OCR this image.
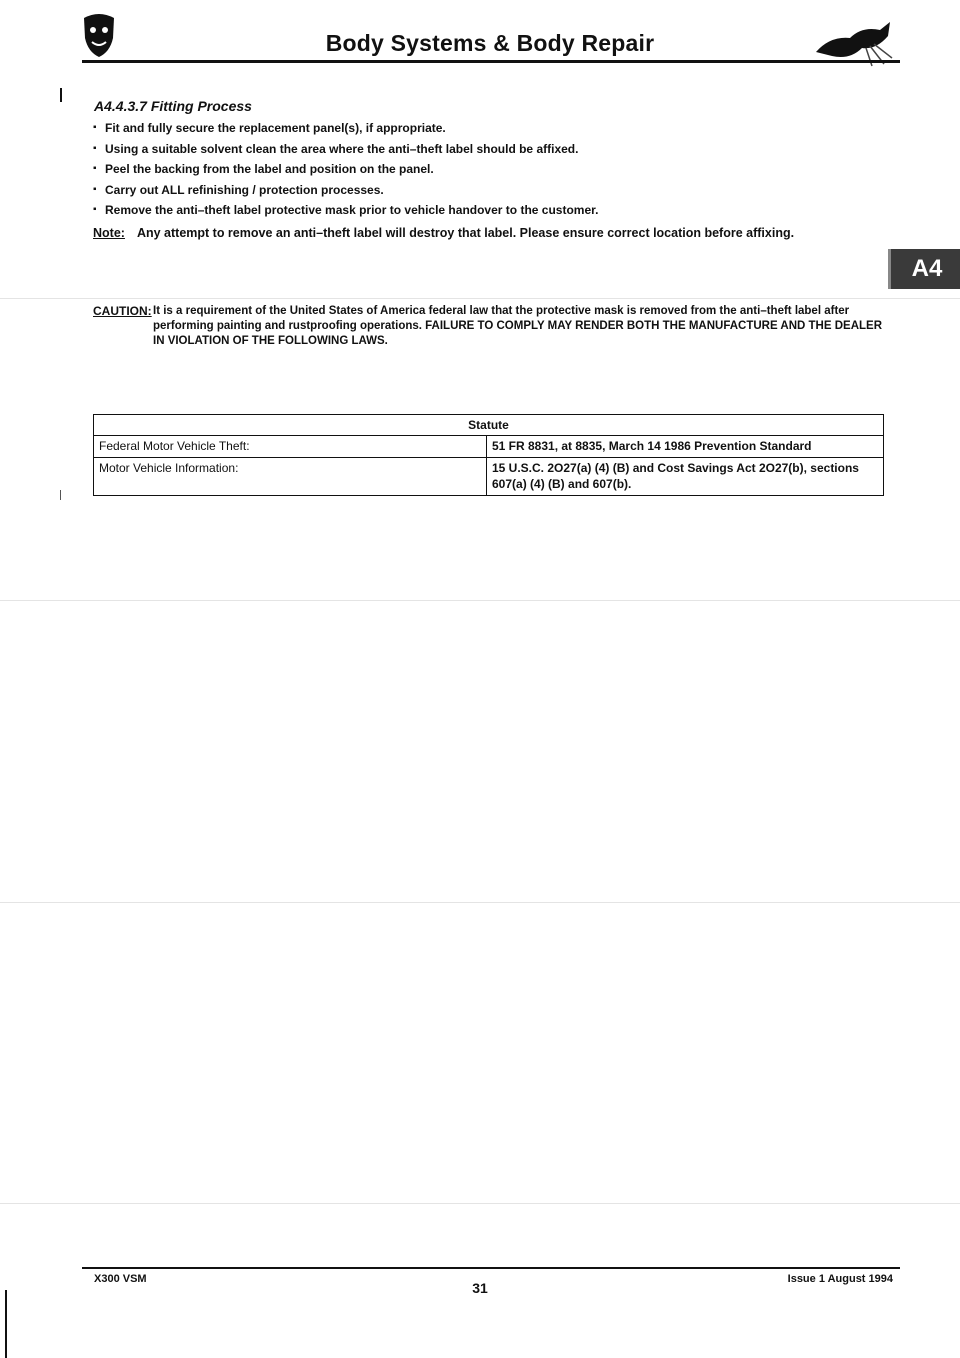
Body Systems & Body Repair
A4.4.3.7 Fitting Process
▪ Fit and fully secure the replacement panel(s), if appropriate.
▪ Using a suitable solvent clean the area where the anti–theft label should be affixed.
▪ Peel the backing from the label and position on the panel.
▪ Carry out ALL refinishing / protection processes.
▪ Remove the anti–theft label protective mask prior to vehicle handover to the customer.
Note: Any attempt to remove an anti–theft label will destroy that label. Please ensure correct location before affixing.
A4
CAUTION: It is a requirement of the United States of America federal law that the protective mask is removed from the anti–theft label after performing painting and rustproofing operations. FAILURE TO COMPLY MAY RENDER BOTH THE MANUFACTURE AND THE DEALER IN VIOLATION OF THE FOLLOWING LAWS.
Statute	
Federal Motor Vehicle Theft:	51 FR 8831, at 8835, March 14 1986 Prevention Standard
Motor Vehicle Information:	15 U.S.C. 2O27(a) (4) (B) and Cost Savings Act 2O27(b), sections 607(a) (4) (B) and 607(b).
X300 VSM
31
Issue 1 August 1994
